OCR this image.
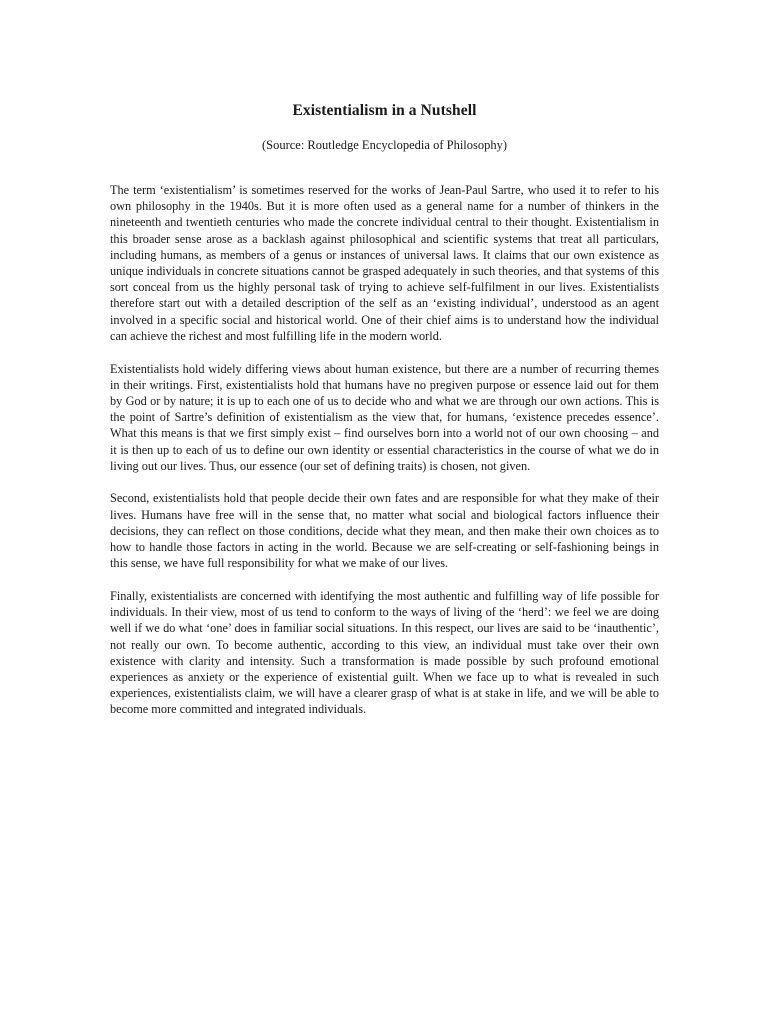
Existentialism in a Nutshell

(Source: Routledge Encyclopedia of Philosophy)

The term ‘existentialism’ is sometimes reserved for the works of Jean-Paul Sartre, who used it to refer to his own philosophy in the 1940s. But it is more often used as a general name for a number of thinkers in the nineteenth and twentieth centuries who made the concrete individual central to their thought. Existentialism in this broader sense arose as a backlash against philosophical and scientific systems that treat all particulars, including humans, as members of a genus or instances of universal laws. It claims that our own existence as unique individuals in concrete situations cannot be grasped adequately in such theories, and that systems of this sort conceal from us the highly personal task of trying to achieve self-fulfilment in our lives. Existentialists therefore start out with a detailed description of the self as an ‘existing individual’, understood as an agent involved in a specific social and historical world. One of their chief aims is to understand how the individual can achieve the richest and most fulfilling life in the modern world.

Existentialists hold widely differing views about human existence, but there are a number of recurring themes in their writings. First, existentialists hold that humans have no pregiven purpose or essence laid out for them by God or by nature; it is up to each one of us to decide who and what we are through our own actions. This is the point of Sartre’s definition of existentialism as the view that, for humans, ‘existence precedes essence’. What this means is that we first simply exist – find ourselves born into a world not of our own choosing – and it is then up to each of us to define our own identity or essential characteristics in the course of what we do in living out our lives. Thus, our essence (our set of defining traits) is chosen, not given.

Second, existentialists hold that people decide their own fates and are responsible for what they make of their lives. Humans have free will in the sense that, no matter what social and biological factors influence their decisions, they can reflect on those conditions, decide what they mean, and then make their own choices as to how to handle those factors in acting in the world. Because we are self-creating or self-fashioning beings in this sense, we have full responsibility for what we make of our lives.

Finally, existentialists are concerned with identifying the most authentic and fulfilling way of life possible for individuals. In their view, most of us tend to conform to the ways of living of the ‘herd’: we feel we are doing well if we do what ‘one’ does in familiar social situations. In this respect, our lives are said to be ‘inauthentic’, not really our own. To become authentic, according to this view, an individual must take over their own existence with clarity and intensity. Such a transformation is made possible by such profound emotional experiences as anxiety or the experience of existential guilt. When we face up to what is revealed in such experiences, existentialists claim, we will have a clearer grasp of what is at stake in life, and we will be able to become more committed and integrated individuals.
